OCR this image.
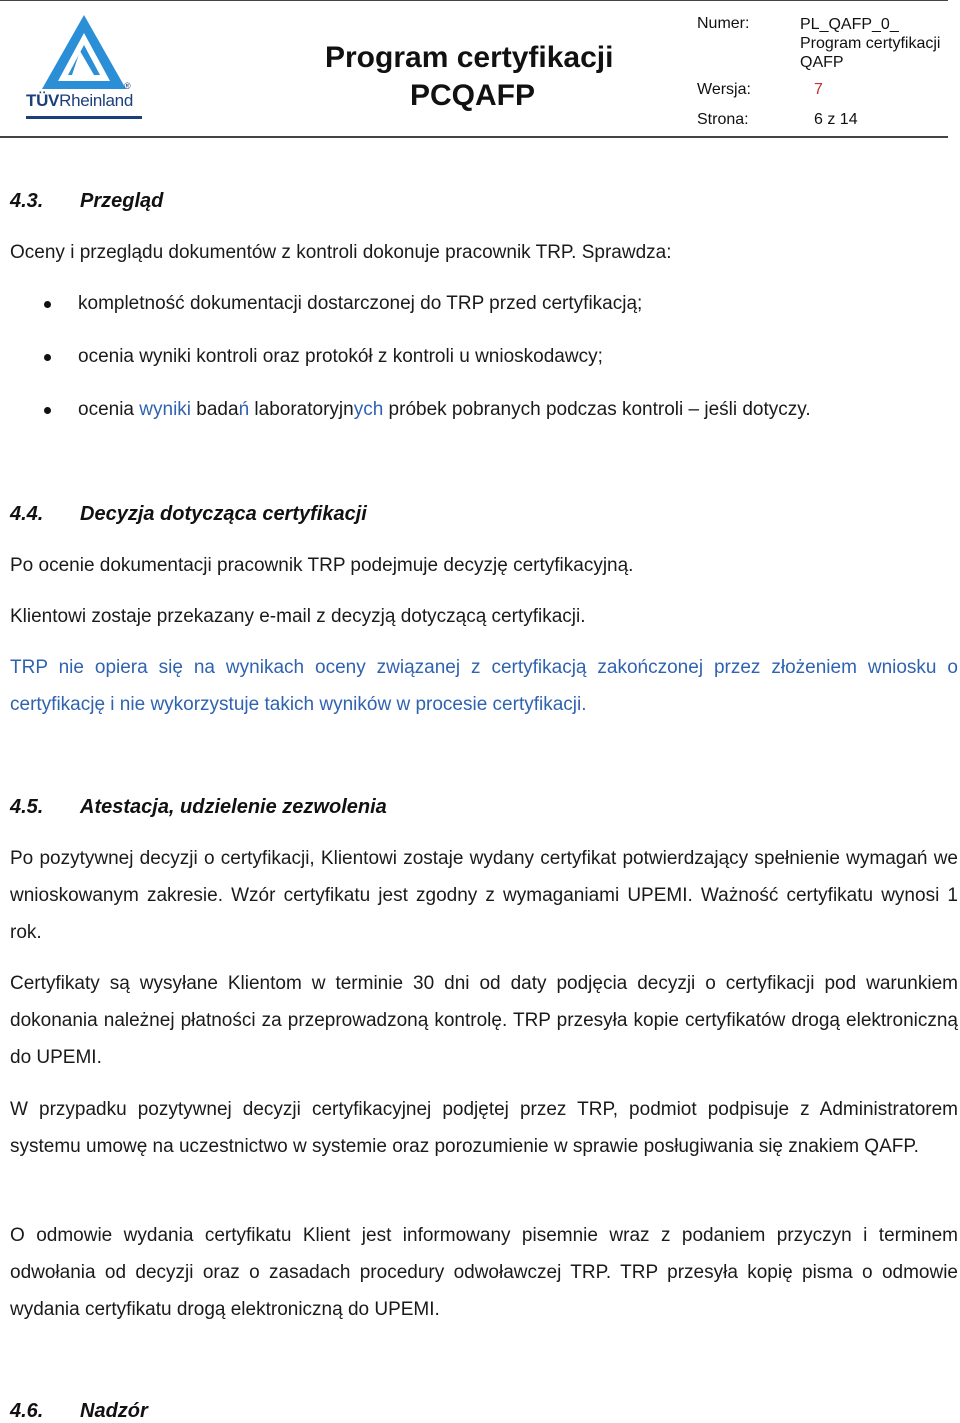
TÜVRheinland
®
Program certyfikacji
PCQAFP
Numer:	PL_QAFP_0_ Program certyfikacji QAFP
Wersja:	7
Strona:	6 z 14
4.3. Przegląd
Oceny i przeglądu dokumentów z kontroli dokonuje pracownik TRP. Sprawdza:
kompletność dokumentacji dostarczonej do TRP przed certyfikacją;
ocenia wyniki kontroli oraz protokół z kontroli u wnioskodawcy;
ocenia wyniki badań laboratoryjnych próbek pobranych podczas kontroli – jeśli dotyczy.
4.4. Decyzja dotycząca certyfikacji
Po ocenie dokumentacji pracownik TRP podejmuje decyzję certyfikacyjną.
Klientowi zostaje przekazany e-mail z decyzją dotyczącą certyfikacji.
TRP nie opiera się na wynikach oceny związanej z certyfikacją zakończonej przez złożeniem wniosku o certyfikację i nie wykorzystuje takich wyników w procesie certyfikacji.
4.5. Atestacja, udzielenie zezwolenia
Po pozytywnej decyzji o certyfikacji, Klientowi zostaje wydany certyfikat potwierdzający spełnienie wymagań we wnioskowanym zakresie. Wzór certyfikatu jest zgodny z wymaganiami UPEMI. Ważność certyfikatu wynosi 1 rok.
Certyfikaty są wysyłane Klientom w terminie 30 dni od daty podjęcia decyzji o certyfikacji pod warunkiem dokonania należnej płatności za przeprowadzoną kontrolę. TRP przesyła kopie certyfikatów drogą elektroniczną do UPEMI.
W przypadku pozytywnej decyzji certyfikacyjnej podjętej przez TRP, podmiot podpisuje z Administratorem systemu umowę na uczestnictwo w systemie oraz porozumienie w sprawie posługiwania się znakiem QAFP.
O odmowie wydania certyfikatu Klient jest informowany pisemnie wraz z podaniem przyczyn i terminem odwołania od decyzji oraz o zasadach procedury odwoławczej TRP. TRP przesyła kopię pisma o odmowie wydania certyfikatu drogą elektroniczną do UPEMI.
4.6. Nadzór
